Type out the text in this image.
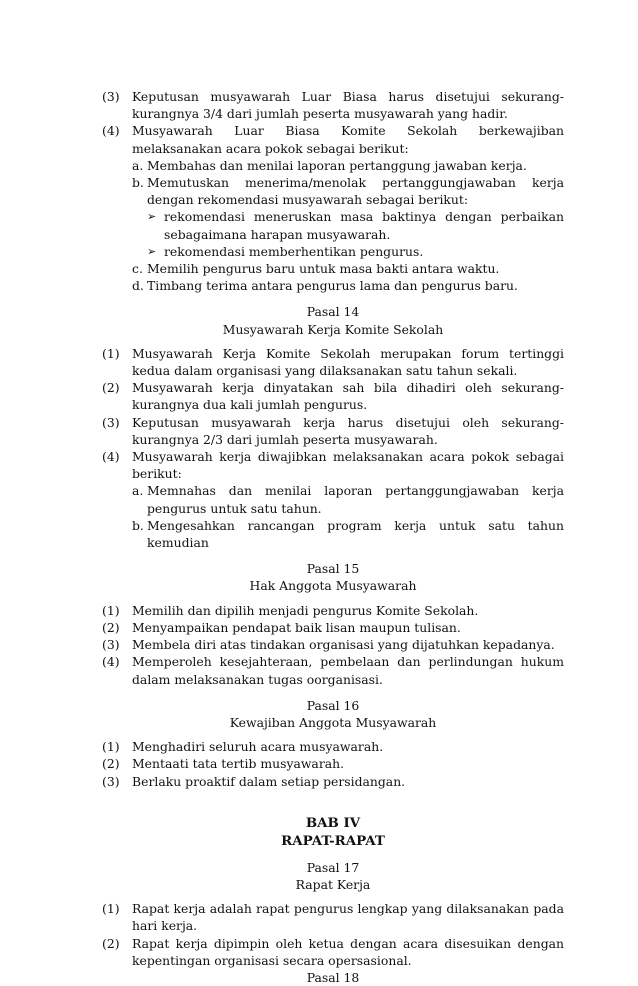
(3)	Keputusan musyawarah Luar Biasa harus disetujui sekurang-kurangnya 3/4 dari jumlah peserta musyawarah yang hadir.
(4)	Musyawarah Luar Biasa Komite Sekolah berkewajiban melaksanakan acara pokok sebagai berikut:
a. Membahas dan menilai laporan pertanggung jawaban kerja.
b. Memutuskan menerima/menolak pertanggungjawaban kerja dengan rekomendasi musyawarah sebagai berikut:
➢ rekomendasi meneruskan masa baktinya dengan perbaikan sebagaimana harapan musyawarah.
➢ rekomendasi memberhentikan pengurus.
c. Memilih pengurus baru untuk masa bakti antara waktu.
d. Timbang terima antara pengurus lama dan pengurus baru.
Pasal 14
Musyawarah Kerja Komite Sekolah
(1)	Musyawarah Kerja Komite Sekolah merupakan forum tertinggi kedua dalam organisasi yang dilaksanakan satu tahun sekali.
(2)	Musyawarah kerja dinyatakan sah bila dihadiri oleh sekurang-kurangnya dua kali jumlah pengurus.
(3)	Keputusan musyawarah kerja harus disetujui oleh sekurang-kurangnya 2/3 dari jumlah peserta musyawarah.
(4)	Musyawarah kerja diwajibkan melaksanakan acara pokok sebagai berikut:
a. Memnahas dan menilai laporan pertanggungjawaban kerja pengurus untuk satu tahun.
b. Mengesahkan rancangan program kerja untuk satu tahun kemudian
Pasal 15
Hak Anggota Musyawarah
(1)	Memilih dan dipilih menjadi pengurus Komite Sekolah.
(2)	Menyampaikan pendapat baik lisan maupun tulisan.
(3)	Membela diri atas tindakan organisasi yang dijatuhkan kepadanya.
(4)	Memperoleh kesejahteraan, pembelaan dan perlindungan hukum dalam melaksanakan tugas oorganisasi.
Pasal 16
Kewajiban Anggota Musyawarah
(1)	Menghadiri seluruh acara musyawarah.
(2)	Mentaati tata tertib musyawarah.
(3)	Berlaku proaktif dalam setiap persidangan.
BAB IV
RAPAT-RAPAT
Pasal 17
Rapat Kerja
(1)	Rapat kerja adalah rapat pengurus lengkap yang dilaksanakan pada hari kerja.
(2)	Rapat kerja dipimpin oleh ketua dengan acara disesuikan dengan kepentingan organisasi secara opersasional.
Pasal 18
